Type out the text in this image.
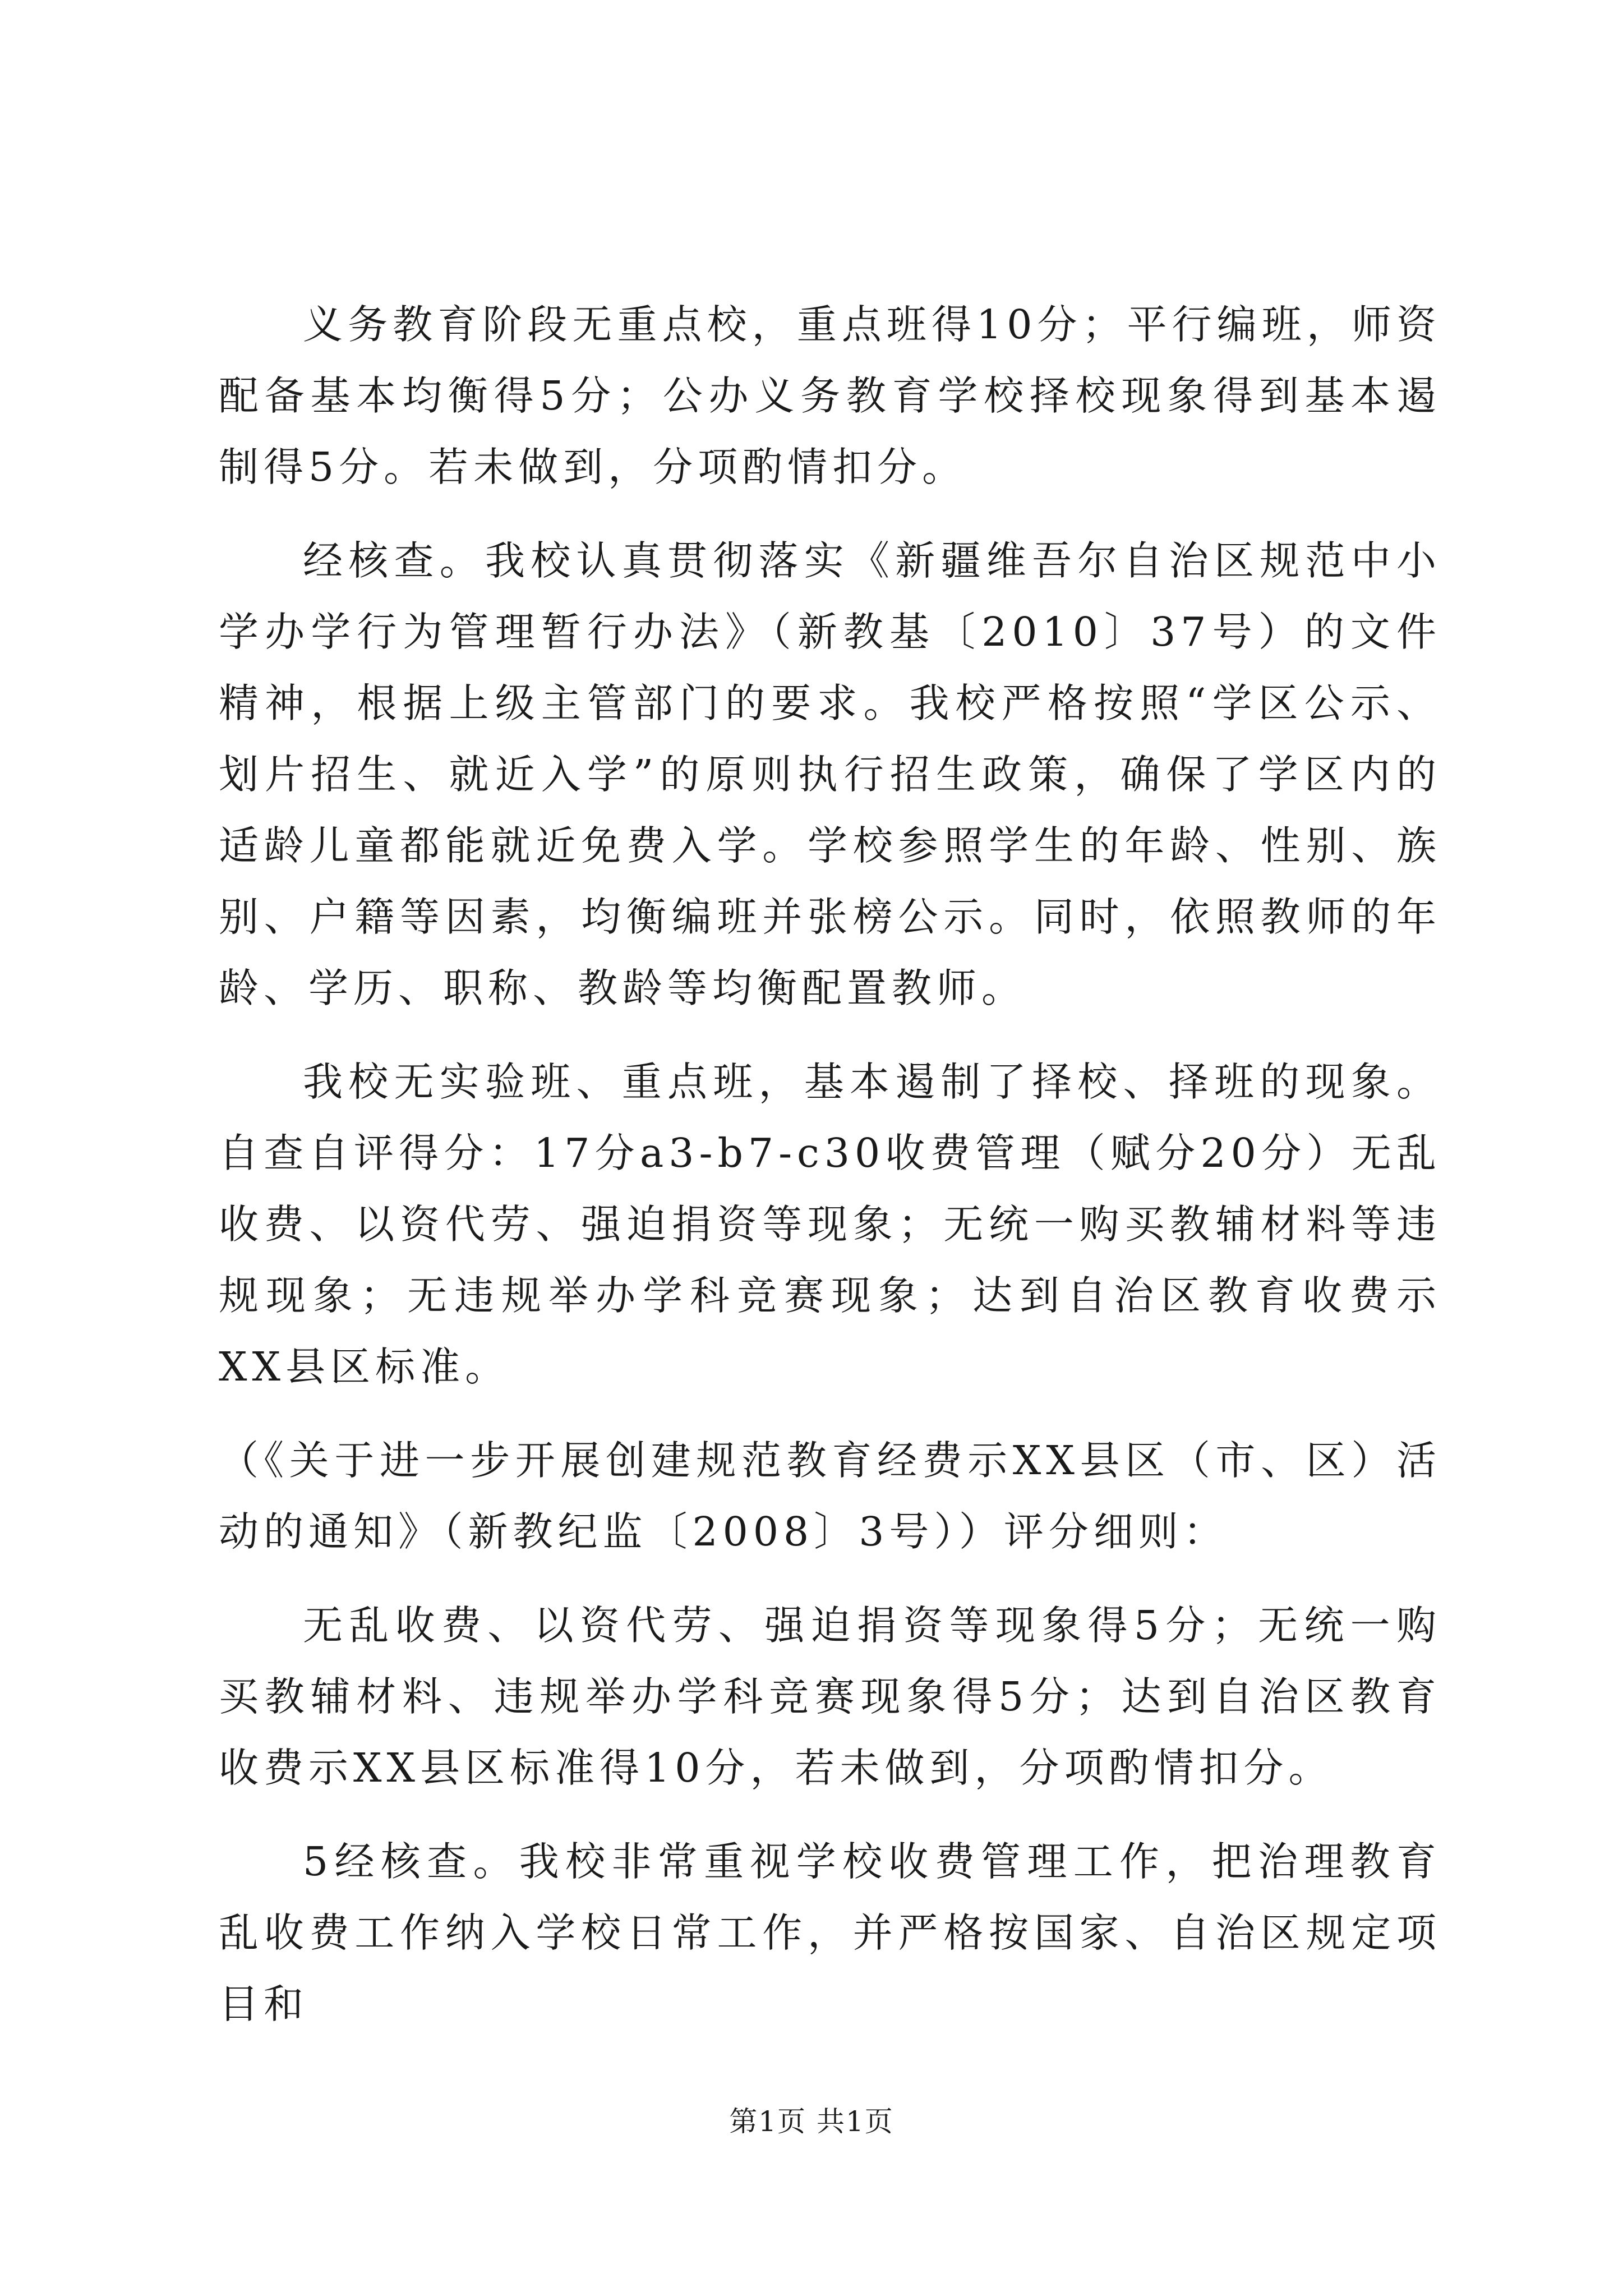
义务教育阶段无重点校，重点班得10分；平行编班，师资配备基本均衡得5分；公办义务教育学校择校现象得到基本遏制得5分。若未做到，分项酌情扣分。

经核查。我校认真贯彻落实《新疆维吾尔自治区规范中小学办学行为管理暂行办法》（新教基〔2010〕37号）的文件精神，根据上级主管部门的要求。我校严格按照“学区公示、划片招生、就近入学”的原则执行招生政策，确保了学区内的适龄儿童都能就近免费入学。学校参照学生的年龄、性别、族别、户籍等因素，均衡编班并张榜公示。同时，依照教师的年龄、学历、职称、教龄等均衡配置教师。

我校无实验班、重点班，基本遏制了择校、择班的现象。自查自评得分：17分a3-b7-c30收费管理（赋分20分）无乱收费、以资代劳、强迫捐资等现象；无统一购买教辅材料等违规现象；无违规举办学科竞赛现象；达到自治区教育收费示XX县区标准。

（《关于进一步开展创建规范教育经费示XX县区（市、区）活动的通知》（新教纪监〔2008〕3号））评分细则：

无乱收费、以资代劳、强迫捐资等现象得5分；无统一购买教辅材料、违规举办学科竞赛现象得5分；达到自治区教育收费示XX县区标准得10分，若未做到，分项酌情扣分。

5经核查。我校非常重视学校收费管理工作，把治理教育乱收费工作纳入学校日常工作，并严格按国家、自治区规定项目和

第1页 共1页
